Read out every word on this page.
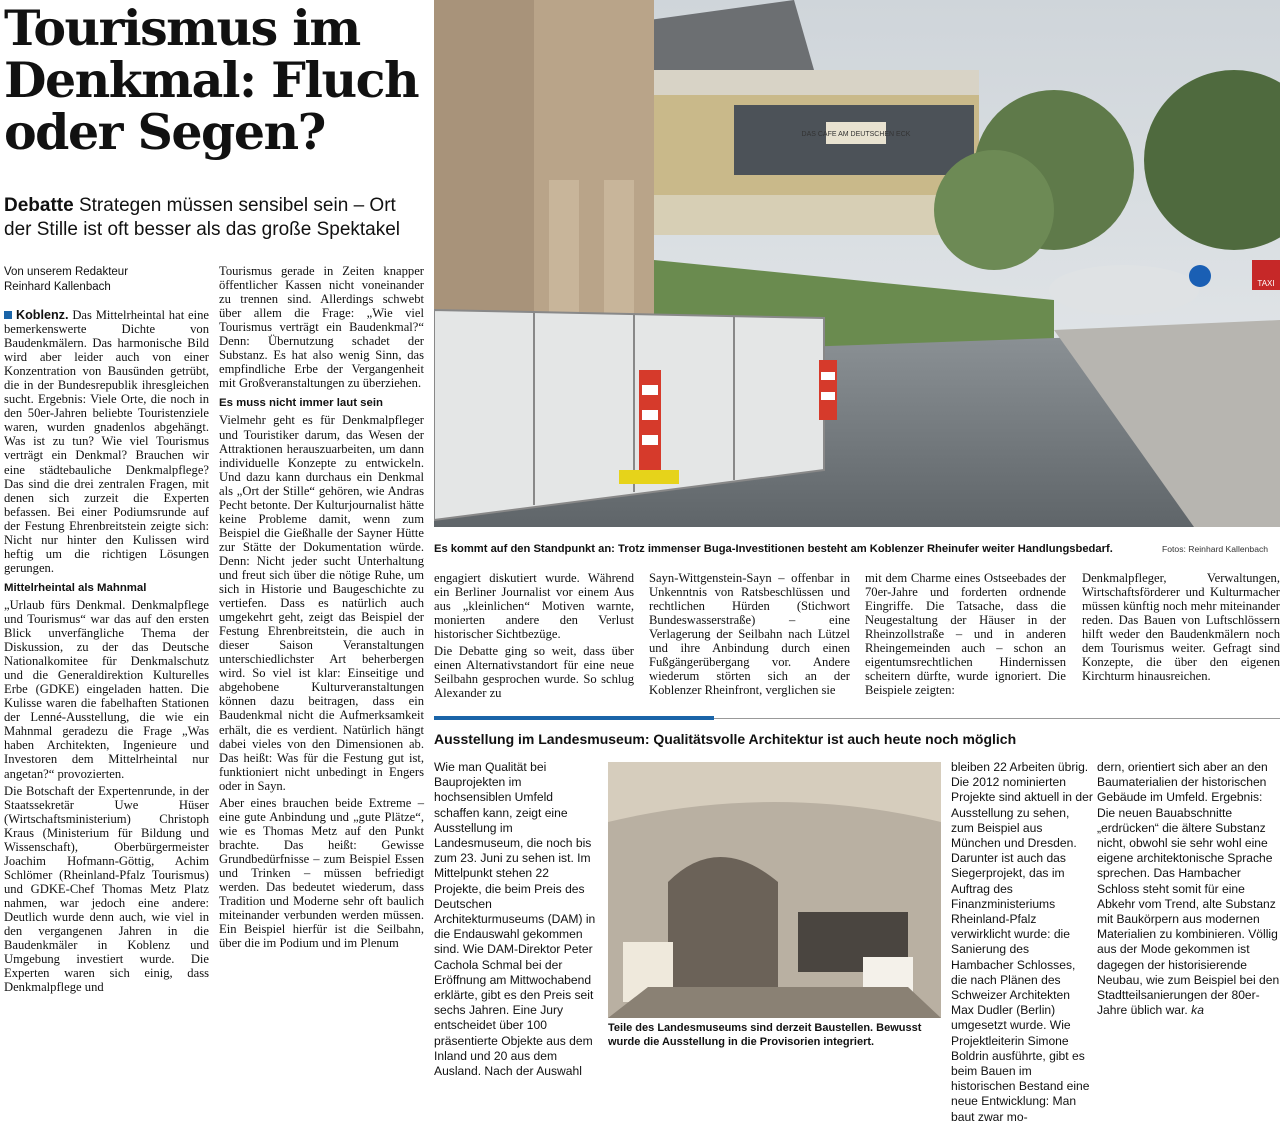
Tourismus im Denkmal: Fluch oder Segen?
Debatte Strategen müssen sensibel sein – Ort der Stille ist oft besser als das große Spektakel
Von unserem Redakteur
Reinhard Kallenbach

Koblenz. Das Mittelrheintal hat eine bemerkenswerte Dichte von Baudenkmälern. Das harmonische Bild wird aber leider auch von einer Konzentration von Bausünden getrübt, die in der Bundesrepublik ihresgleichen sucht. Ergebnis: Viele Orte, die noch in den 50er-Jahren beliebte Touristenziele waren, wurden gnadenlos abgehängt. Was ist zu tun? Wie viel Tourismus verträgt ein Denkmal? Brauchen wir eine städtebauliche Denkmalpflege? Das sind die drei zentralen Fragen, mit denen sich zurzeit die Experten befassen. Bei einer Podiumsrunde auf der Festung Ehrenbreitstein zeigte sich: Nicht nur hinter den Kulissen wird heftig um die richtigen Lösungen gerungen.

Mittelrheintal als Mahnmal

„Urlaub fürs Denkmal. Denkmalpflege und Tourismus“ war das auf den ersten Blick unverfängliche Thema der Diskussion, zu der das Deutsche Nationalkomitee für Denkmalschutz und die Generaldirektion Kulturelles Erbe (GDKE) eingeladen hatten. Die Kulisse waren die fabelhaften Stationen der Lenné-Ausstellung, die wie ein Mahnmal geradezu die Frage „Was haben Architekten, Ingenieure und Investoren dem Mittelrheintal nur angetan?“ provozierten.

Die Botschaft der Expertenrunde, in der Staatssekretär Uwe Hüser (Wirtschaftsministerium) Christoph Kraus (Ministerium für Bildung und Wissenschaft), Oberbürgermeister Joachim Hofmann-Göttig, Achim Schlömer (Rheinland-Pfalz Tourismus) und GDKE-Chef Thomas Metz Platz nahmen, war jedoch eine andere: Deutlich wurde denn auch, wie viel in den vergangenen Jahren in die Baudenkmäler in Koblenz und Umgebung investiert wurde. Die Experten waren sich einig, dass Denkmalpflege und

Tourismus gerade in Zeiten knapper öffentlicher Kassen nicht voneinander zu trennen sind. Allerdings schwebt über allem die Frage: „Wie viel Tourismus verträgt ein Baudenkmal?“ Denn: Übernutzung schadet der Substanz. Es hat also wenig Sinn, das empfindliche Erbe der Vergangenheit mit Großveranstaltungen zu überziehen.

Es muss nicht immer laut sein

Vielmehr geht es für Denkmalpfleger und Touristiker darum, das Wesen der Attraktionen herauszuarbeiten, um dann individuelle Konzepte zu entwickeln. Und dazu kann durchaus ein Denkmal als „Ort der Stille“ gehören, wie Andras Pecht betonte. Der Kulturjournalist hätte keine Probleme damit, wenn zum Beispiel die Gießhalle der Sayner Hütte zur Stätte der Dokumentation würde. Denn: Nicht jeder sucht Unterhaltung und freut sich über die nötige Ruhe, um sich in Historie und Baugeschichte zu vertiefen. Dass es natürlich auch umgekehrt geht, zeigt das Beispiel der Festung Ehrenbreitstein, die auch in dieser Saison Veranstaltungen unterschiedlichster Art beherbergen wird. So viel ist klar: Einseitige und abgehobene Kulturveranstaltungen können dazu beitragen, dass ein Baudenkmal nicht die Aufmerksamkeit erhält, die es verdient. Natürlich hängt dabei vieles von den Dimensionen ab. Das heißt: Was für die Festung gut ist, funktioniert nicht unbedingt in Engers oder in Sayn.

Aber eines brauchen beide Extreme – eine gute Anbindung und „gute Plätze“, wie es Thomas Metz auf den Punkt brachte. Das heißt: Gewisse Grundbedürfnisse – zum Beispiel Essen und Trinken – müssen befriedigt werden. Das bedeutet wiederum, dass Tradition und Moderne sehr oft baulich miteinander verbunden werden müssen. Ein Beispiel hierfür ist die Seilbahn, über die im Podium und im Plenum

DAS CAFE AM DEUTSCHEN ECK
TAXI
Es kommt auf den Standpunkt an: Trotz immenser Buga-Investitionen besteht am Koblenzer Rheinufer weiter Handlungsbedarf.	Fotos: Reinhard Kallenbach

engagiert diskutiert wurde. Während ein Berliner Journalist vor einem Aus aus „kleinlichen“ Motiven warnte, monierten andere den Verlust historischer Sichtbezüge.

Die Debatte ging so weit, dass über einen Alternativstandort für eine neue Seilbahn gesprochen wurde. So schlug Alexander zu

Sayn-Wittgenstein-Sayn – offenbar in Unkenntnis von Ratsbeschlüssen und rechtlichen Hürden (Stichwort Bundeswasserstraße) – eine Verlagerung der Seilbahn nach Lützel und ihre Anbindung durch einen Fußgängerübergang vor. Andere wiederum störten sich an der Koblenzer Rheinfront, verglichen sie

mit dem Charme eines Ostseebades der 70er-Jahre und forderten ordnende Eingriffe. Die Tatsache, dass die Neugestaltung der Häuser in der Rheinzollstraße – und in anderen Rheingemeinden auch – schon an eigentumsrechtlichen Hindernissen scheitern dürfte, wurde ignoriert. Die Beispiele zeigten:

Denkmalpfleger, Verwaltungen, Wirtschaftsförderer und Kulturmacher müssen künftig noch mehr miteinander reden. Das Bauen von Luftschlössern hilft weder den Baudenkmälern noch dem Tourismus weiter. Gefragt sind Konzepte, die über den eigenen Kirchturm hinausreichen.

Ausstellung im Landesmuseum: Qualitätsvolle Architektur ist auch heute noch möglich

Wie man Qualität bei Bauprojekten im hochsensiblen Umfeld schaffen kann, zeigt eine Ausstellung im Landesmuseum, die noch bis zum 23. Juni zu sehen ist. Im Mittelpunkt stehen 22 Projekte, die beim Preis des Deutschen Architekturmuseums (DAM) in die Endauswahl gekommen sind. Wie DAM-Direktor Peter Cachola Schmal bei der Eröffnung am Mittwochabend erklärte, gibt es den Preis seit sechs Jahren. Eine Jury entscheidet über 100 präsentierte Objekte aus dem Inland und 20 aus dem Ausland. Nach der Auswahl

Teile des Landesmuseums sind derzeit Baustellen. Bewusst wurde die Ausstellung in die Provisorien integriert.

bleiben 22 Arbeiten übrig. Die 2012 nominierten Projekte sind aktuell in der Ausstellung zu sehen, zum Beispiel aus München und Dresden. Darunter ist auch das Siegerprojekt, das im Auftrag des Finanzministeriums Rheinland-Pfalz verwirklicht wurde: die Sanierung des Hambacher Schlosses, die nach Plänen des Schweizer Architekten Max Dudler (Berlin) umgesetzt wurde. Wie Projektleiterin Simone Boldrin ausführte, gibt es beim Bauen im historischen Bestand eine neue Entwicklung: Man baut zwar mo-

dern, orientiert sich aber an den Baumaterialien der historischen Gebäude im Umfeld. Ergebnis: Die neuen Bauabschnitte „erdrücken“ die ältere Substanz nicht, obwohl sie sehr wohl eine eigene architektonische Sprache sprechen. Das Hambacher Schloss steht somit für eine Abkehr vom Trend, alte Substanz mit Baukörpern aus modernen Materialien zu kombinieren. Völlig aus der Mode gekommen ist dagegen der historisierende Neubau, wie zum Beispiel bei den Stadtteilsanierungen der 80er-Jahre üblich war. ka
